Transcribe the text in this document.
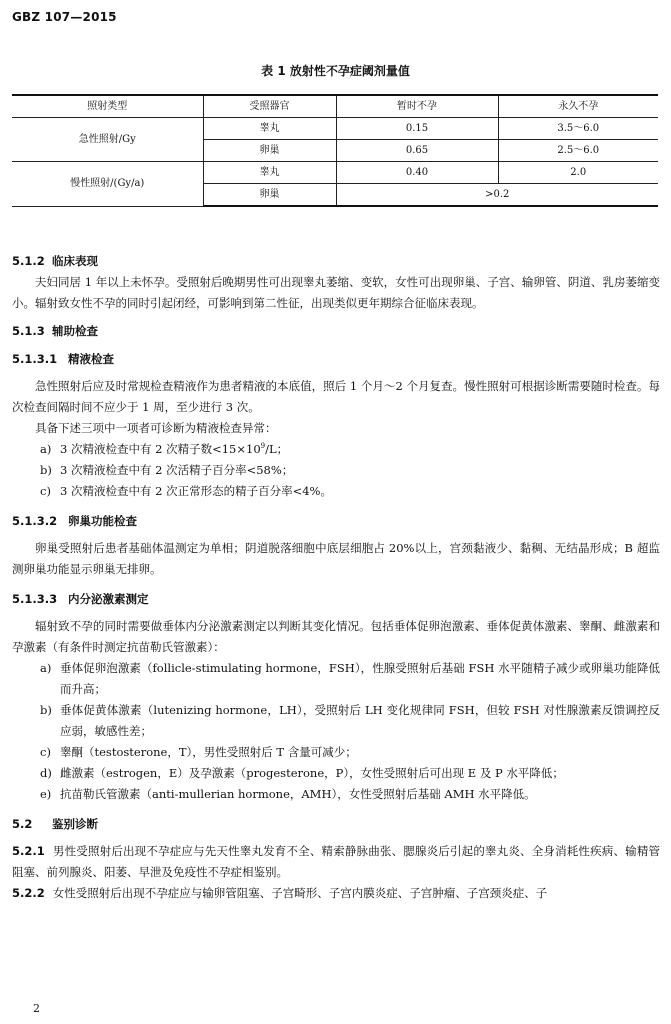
GBZ 107—2015
表 1 放射性不孕症阈剂量值
照射类型	受照器官	暂时不孕	永久不孕
急性照射/Gy	睾丸	0.15	3.5～6.0
	卵巢	0.65	2.5～6.0
慢性照射/(Gy/a)	睾丸	0.40	2.0
	卵巢	>0.2	
5.1.2 临床表现

夫妇同居 1 年以上未怀孕。受照射后晚期男性可出现睾丸萎缩、变软，女性可出现卵巢、子宫、输卵管、阴道、乳房萎缩变小。辐射致女性不孕的同时引起闭经，可影响到第二性征，出现类似更年期综合征临床表现。

5.1.3 辅助检查
5.1.3.1 精液检查

急性照射后应及时常规检查精液作为患者精液的本底值，照后 1 个月～2 个月复查。慢性照射可根据诊断需要随时检查。每次检查间隔时间不应少于 1 周，至少进行 3 次。

具备下述三项中一项者可诊断为精液检查异常：

a) 3 次精液检查中有 2 次精子数$<15\times 10^9/L$；

b) 3 次精液检查中有 2 次活精子百分率<58%；

c) 3 次精液检查中有 2 次正常形态的精子百分率<4%。

5.1.3.2 卵巢功能检查

卵巢受照射后患者基础体温测定为单相；阴道脱落细胞中底层细胞占 20%以上，宫颈黏液少、黏稠、无结晶形成；B 超监测卵巢功能显示卵巢无排卵。

5.1.3.3 内分泌激素测定

辐射致不孕的同时需要做垂体内分泌激素测定以判断其变化情况。包括垂体促卵泡激素、垂体促黄体激素、睾酮、雌激素和孕激素（有条件时测定抗苗勒氏管激素）：

a) 垂体促卵泡激素（follicle-stimulating hormone，FSH），性腺受照射后基础 FSH 水平随精子减少或卵巢功能降低而升高；

b) 垂体促黄体激素（lutenizing hormone，LH），受照射后 LH 变化规律同 FSH，但较 FSH 对性腺激素反馈调控反应弱，敏感性差；

c) 睾酮（testosterone，T），男性受照射后 T 含量可减少；

d) 雌激素（estrogen，E）及孕激素（progesterone，P），女性受照射后可出现 E 及 P 水平降低；

e) 抗苗勒氏管激素（anti-mullerian hormone，AMH），女性受照射后基础 AMH 水平降低。

5.2 鉴别诊断

5.2.1 男性受照射后出现不孕症应与先天性睾丸发育不全、精索静脉曲张、腮腺炎后引起的睾丸炎、全身消耗性疾病、输精管阻塞、前列腺炎、阳萎、早泄及免疫性不孕症相鉴别。

5.2.2 女性受照射后出现不孕症应与输卵管阻塞、子宫畸形、子宫内膜炎症、子宫肿瘤、子宫颈炎症、子

2
